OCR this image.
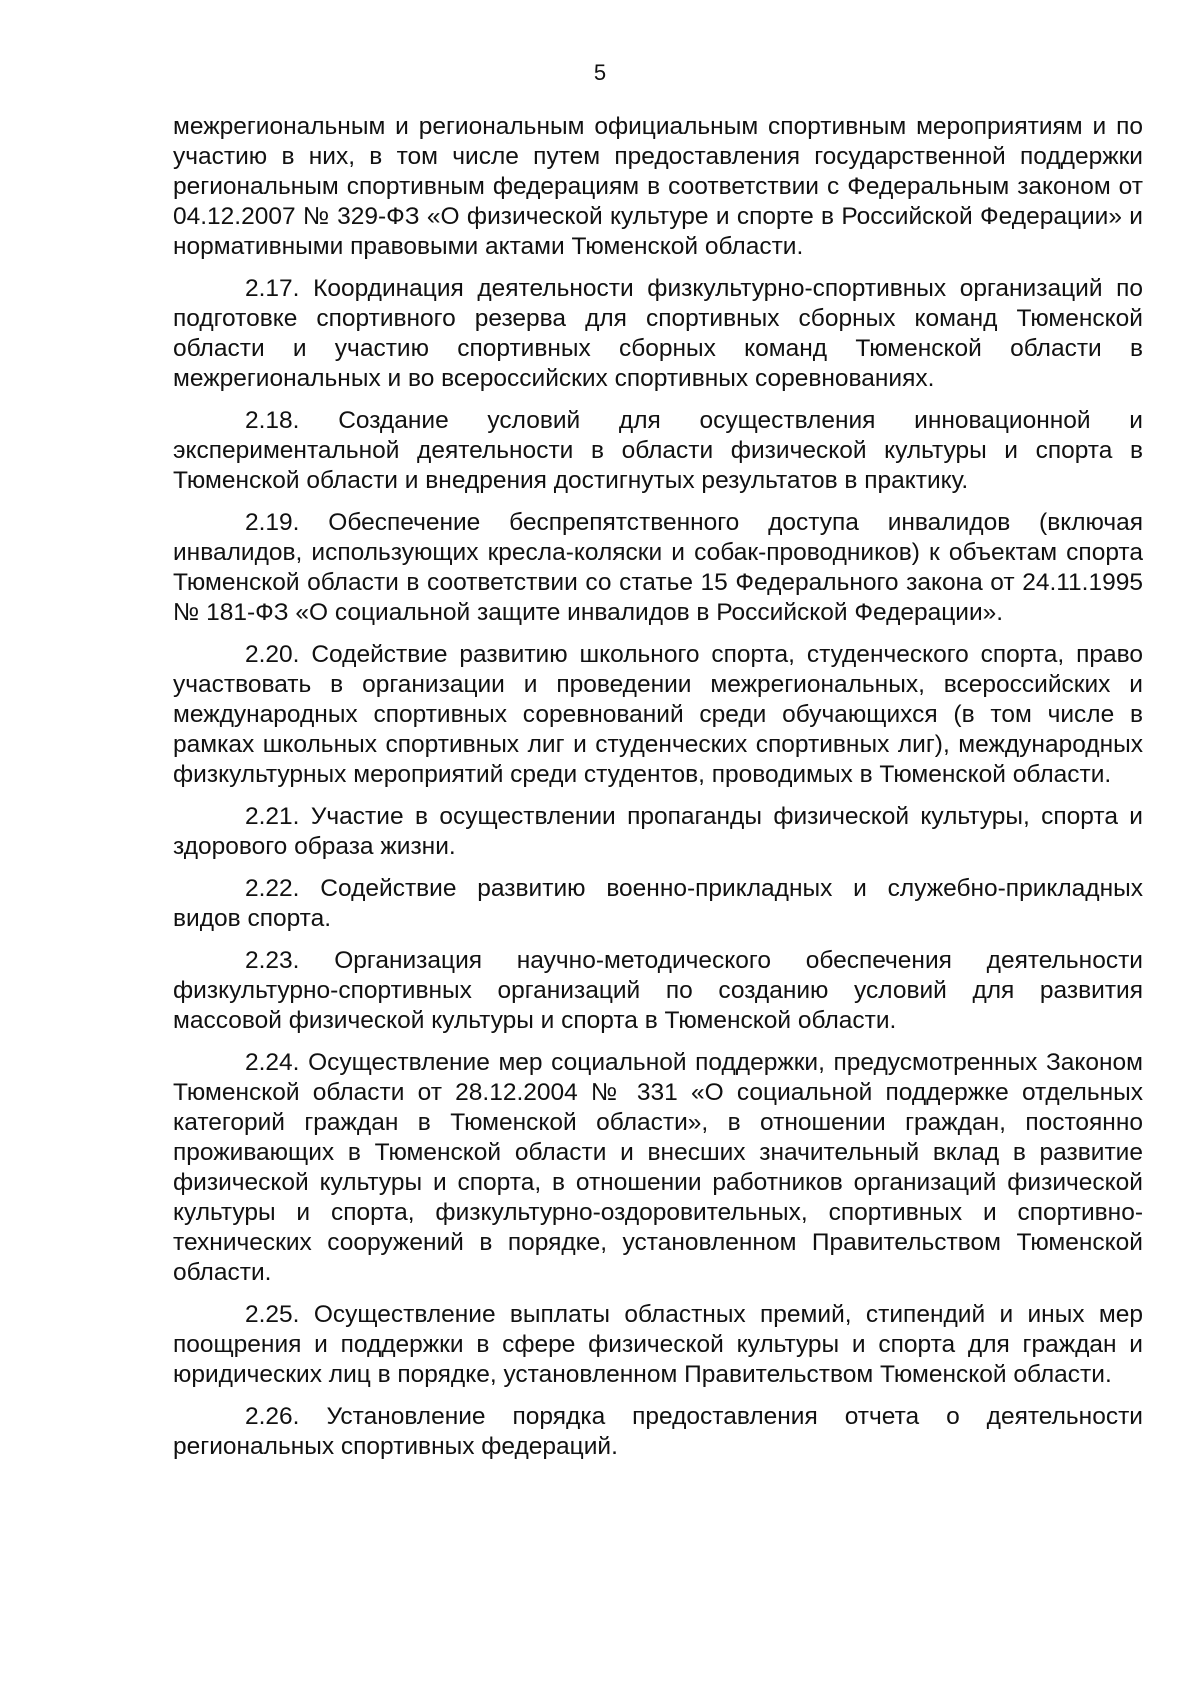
5

межрегиональным и региональным официальным спортивным мероприятиям и по участию в них, в том числе путем предоставления государственной поддержки региональным спортивным федерациям в соответствии с Федеральным законом от 04.12.2007 № 329-ФЗ «О физической культуре и спорте в Российской Федерации» и нормативными правовыми актами Тюменской области.

2.17. Координация деятельности физкультурно-спортивных организаций по подготовке спортивного резерва для спортивных сборных команд Тюменской области и участию спортивных сборных команд Тюменской области в межрегиональных и во всероссийских спортивных соревнованиях.

2.18. Создание условий для осуществления инновационной и экспериментальной деятельности в области физической культуры и спорта в Тюменской области и внедрения достигнутых результатов в практику.

2.19. Обеспечение беспрепятственного доступа инвалидов (включая инвалидов, использующих кресла-коляски и собак-проводников) к объектам спорта Тюменской области в соответствии со статье 15 Федерального закона от 24.11.1995 № 181-ФЗ «О социальной защите инвалидов в Российской Федерации».

2.20. Содействие развитию школьного спорта, студенческого спорта, право участвовать в организации и проведении межрегиональных, всероссийских и международных спортивных соревнований среди обучающихся (в том числе в рамках школьных спортивных лиг и студенческих спортивных лиг), международных физкультурных мероприятий среди студентов, проводимых в Тюменской области.

2.21. Участие в осуществлении пропаганды физической культуры, спорта и здорового образа жизни.

2.22. Содействие развитию военно-прикладных и служебно-прикладных видов спорта.

2.23. Организация научно-методического обеспечения деятельности физкультурно-спортивных организаций по созданию условий для развития массовой физической культуры и спорта в Тюменской области.

2.24. Осуществление мер социальной поддержки, предусмотренных Законом Тюменской области от 28.12.2004 № 331 «О социальной поддержке отдельных категорий граждан в Тюменской области», в отношении граждан, постоянно проживающих в Тюменской области и внесших значительный вклад в развитие физической культуры и спорта, в отношении работников организаций физической культуры и спорта, физкультурно-оздоровительных, спортивных и спортивно-технических сооружений в порядке, установленном Правительством Тюменской области.

2.25. Осуществление выплаты областных премий, стипендий и иных мер поощрения и поддержки в сфере физической культуры и спорта для граждан и юридических лиц в порядке, установленном Правительством Тюменской области.

2.26. Установление порядка предоставления отчета о деятельности региональных спортивных федераций.
